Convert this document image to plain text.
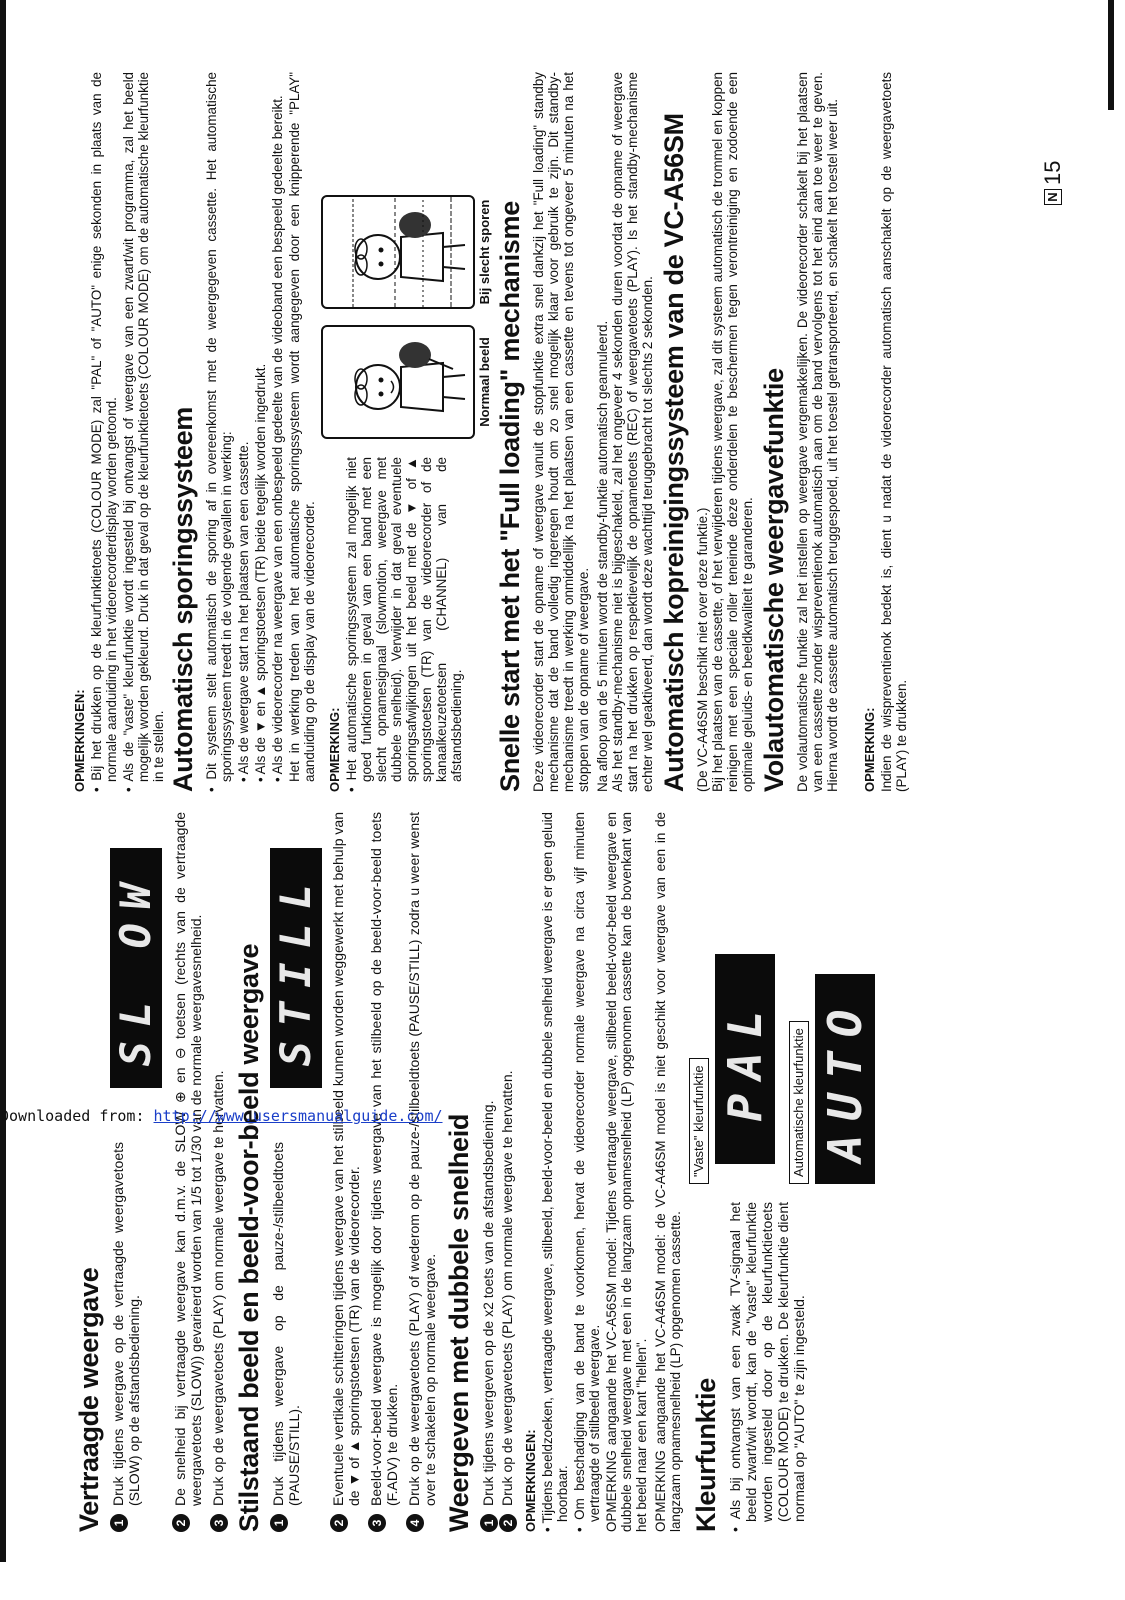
Vertraagde weergave 1
Druk tijdens weergave op de vertraagde weergavetoets (SLOW) op de afstandsbediening.
SL OW
2
De snelheid bij vertraagde weergave kan d.m.v. de SLOW ⊕ en ⊖ toetsen (rechts van de vertraagde weergavetoets (SLOW)) gevarieerd worden van 1/5 tot 1/30 van de normale weergavesnelheid.
3
Druk op de weergavetoets (PLAY) om normale weergave te hervatten. Stilstaand beeld en beeld-voor-beeld weergave 1
Druk tijdens weergave op de pauze-/stilbeeldtoets (PAUSE/STILL).
STILL
2
Eventuele vertikale schitteringen tijdens weergave van het stilbeeld kunnen worden weggewerkt met behulp van de ▼ of ▲ sporingstoetsen (TR) van de videorecorder.
3
Beeld-voor-beeld weergave is mogelijk door tijdens weergave van het stilbeeld op de beeld-voor-beeld toets (F.ADV) te drukken.
4
Druk op de weergavetoets (PLAY) of wederom op de pauze-/stilbeeldtoets (PAUSE/STILL) zodra u weer wenst over te schakelen op normale weergave. Weergeven met dubbele snelheid 1
Druk tijdens weergeven op de x2 toets van de afstandsbediening.
2
Druk op de weergavetoets (PLAY) om normale weergave te hervatten. OPMERKINGEN: • Tijdens beeldzoeken, vertraagde weergave, stilbeeld, beeld-voor-beeld en dubbele snelheid weergave is er geen geluid hoorbaar.

• Om beschadiging van de band te voorkomen, hervat de videorecorder normale weergave na circa vijf minuten vertraagde of stilbeeld weergave. OPMERKING aangaande het VC-A56SM model: Tijdens vertraagde weergave, stilbeeld beeld-voor-beeld weergave en dubbele snelheid weergave met een in de langzaam opnamesnelheid (LP) opgenomen cassette kan de bovenkant van het beeld naar een kant "hellen". OPMERKING aangaande het VC-A46SM model: de VC-A46SM model is niet geschikt voor weergave van een in de langzaam opnamesnelheid (LP) opgenomen cassette. Kleurfunktie • Als bij ontvangst van een zwak TV-signaal het beeld zwart/wit wordt, kan de "vaste" kleurfunktie worden ingesteld door op de kleurfunktietoets (COLOUR MODE) te drukken. De kleurfunktie dient normaal op "AUTO" te zijn ingesteld.

"Vaste" kleurfunktie PAL Automatische kleurfunktie AUTO
OPMERKINGEN: • Bij het drukken op de kleurfunktietoets (COLOUR MODE) zal "PAL" of "AUTO" enige sekonden in plaats van de normale aanduiding in het videorecorderdisplay worden getoond.

• Als de "vaste" kleurfunktie wordt ingesteld bij ontvangst of weergave van een zwart/wit programma, zal het beeld mogelijk worden gekleurd. Druk in dat geval op de kleurfunktietoets (COLOUR MODE) om de automatische kleurfunktie in te stellen. Automatisch sporingssysteem • Dit systeem stelt automatisch de sporing af in overeenkomst met de weergegeven cassette. Het automatische sporingssysteem treedt in de volgende gevallen in werking: • Als de weergave start na het plaatsen van een cassette.

• Als de ▼ en ▲ sporingstoetsen (TR) beide tegelijk worden ingedrukt.

• Als de videorecorder na weergave van een onbespeeld gedeelte van de videoband een bespeeld gedeelte bereikt. Het in werking treden van het automatische sporingssysteem wordt aangegeven door een knipperende "PLAY" aanduiding op de display van de videorecorder. OPMERKING: • Het automatische sporingssysteem zal mogelijk niet goed funktioneren in geval van een band met een slecht opnamesignaal (slowmotion, weergave met dubbele snelheid). Verwijder in dat geval eventuele sporingsafwijkingen uit het beeld met de ▼ of ▲ sporingstoetsen (TR) van de videorecorder of de kanaalkeuzetoetsen (CHANNEL) van de afstandsbediening.

Normaal beeld
Bij slecht sporen Snelle start met het "Full loading" mechanisme Deze videorecorder start de opname of weergave vanuit de stopfunktie extra snel dankzij het "Full loading" standby mechanisme dat de band volledig ingeregen houdt om zo snel mogelijk klaar voor gebruik te zijn. Dit standby-mechanisme treedt in werking onmiddellijk na het plaatsen van een cassette en tevens tot ongeveer 5 minuten na het stoppen van de opname of weergave. Na afloop van de 5 minuten wordt de standby-funktie automatisch geannuleerd. Als het standby-mechanisme niet is bijgeschakeld, zal het ongeveer 4 sekonden duren voordat de opname of weergave start na het drukken op respektievelijk de opnametoets (REC) of weergavetoets (PLAY). Is het standby-mechanisme echter wel geaktiveerd, dan wordt deze wachttijd teruggebracht tot slechts 2 sekonden. Automatisch kopreinigingssysteem van de VC-A56SM (De VC-A46SM beschikt niet over deze funktie.) Bij het plaatsen van de cassette, of het verwijderen tijdens weergave, zal dit systeem automatisch de trommel en koppen reinigen met een speciale roller teneinde deze onderdelen te beschermen tegen verontreiniging en zodoende een optimale geluids- en beeldkwaliteit te garanderen. Volautomatische weergavefunktie De volautomatische funktie zal het instellen op weergave vergemakkelijken. De videorecorder schakelt bij het plaatsen van een cassette zonder wispreventienok automatisch aan om de band vervolgens tot het eind aan toe weer te geven. Hierna wordt de cassette automatisch teruggespoeld, uit het toestel getransporteerd, en schakelt het toestel weer uit. OPMERKING: Indien de wispreventienok bedekt is, dient u nadat de videorecorder automatisch aanschakelt op de weergavetoets (PLAY) te drukken.

N
15
Downloaded from: http://www.usersmanualguide.com/
